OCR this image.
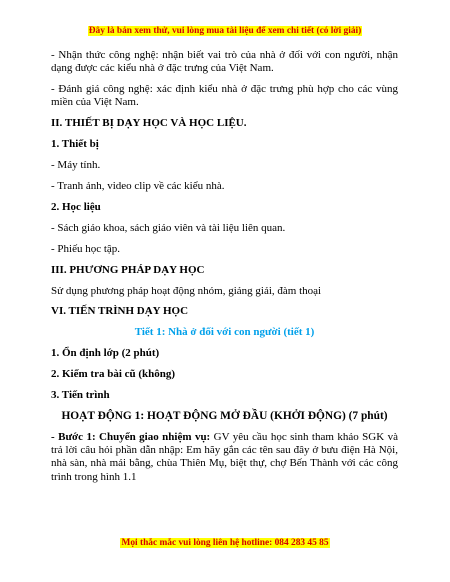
Đây là bản xem thử, vui lòng mua tài liệu để xem chi tiết (có lời giải)

- Nhận thức công nghệ: nhận biết vai trò của nhà ở đối với con người, nhận dạng được các kiểu nhà ở đặc trưng của Việt Nam.

- Đánh giá công nghệ: xác định kiểu nhà ở đặc trưng phù hợp cho các vùng miền của Việt Nam.

II. THIẾT BỊ DẠY HỌC VÀ HỌC LIỆU.

1. Thiết bị

- Máy tính.

- Tranh ảnh, video clip về các kiểu nhà.

2. Học liệu

- Sách giáo khoa, sách giáo viên và tài liệu liên quan.

- Phiếu học tập.

III. PHƯƠNG PHÁP DẠY HỌC

Sử dụng phương pháp hoạt động nhóm, giảng giải, đàm thoại

VI. TIẾN TRÌNH DẠY HỌC

Tiết 1: Nhà ở đối với con người (tiết 1)

1. Ổn định lớp (2 phút)

2. Kiểm tra bài cũ (không)

3. Tiến trình

HOẠT ĐỘNG 1: HOẠT ĐỘNG MỞ ĐẦU (KHỞI ĐỘNG) (7 phút)

- Bước 1: Chuyển giao nhiệm vụ: GV yêu cầu học sinh tham khảo SGK và trả lời câu hỏi phần dẫn nhập: Em hãy gắn các tên sau đây ở bưu điện Hà Nội, nhà sàn, nhà mái bằng, chùa Thiên Mụ, biệt thự, chợ Bến Thành với các công trình trong hình 1.1

Mọi thắc mắc vui lòng liên hệ hotline: 084 283 45 85
